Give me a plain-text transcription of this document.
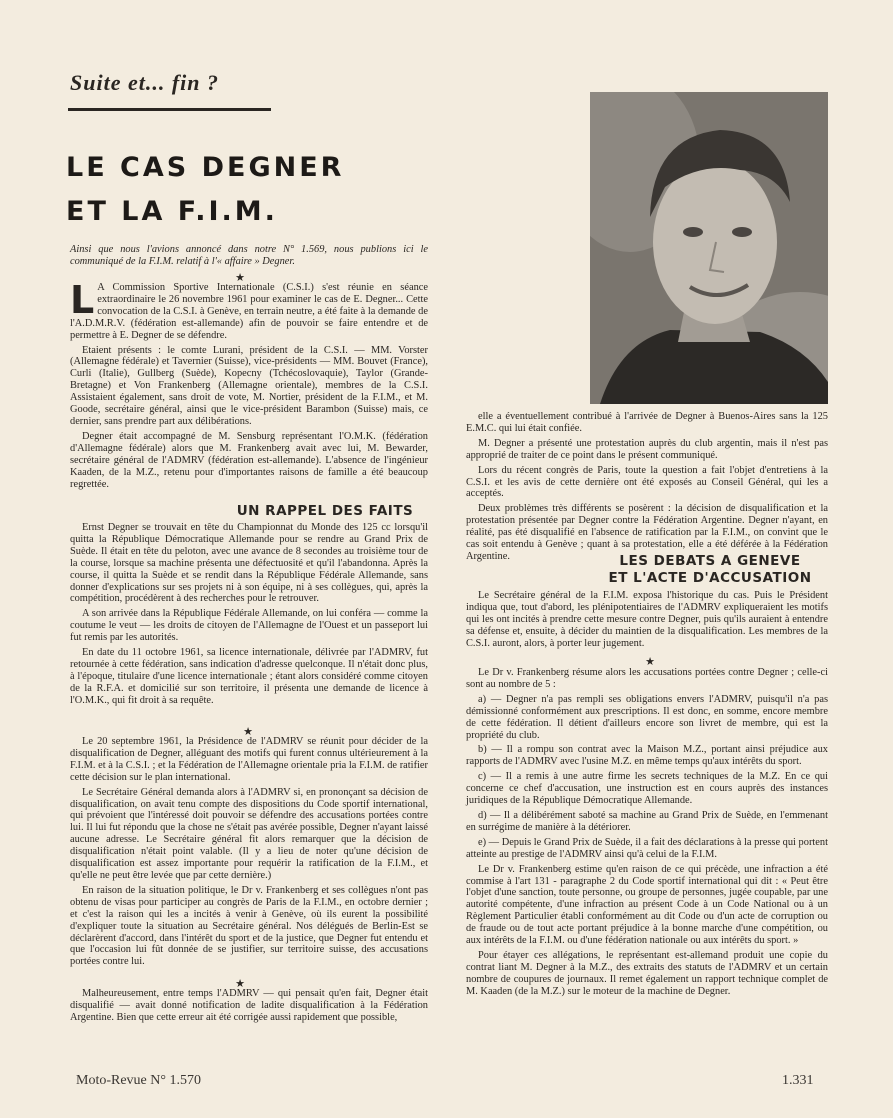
Suite et... fin ?
LE CAS DEGNER
ET LA F.I.M.
Ainsi que nous l'avions annoncé dans notre N° 1.569, nous publions ici le communiqué de la F.I.M. relatif à l'« affaire » Degner.
★

L A Commission Sportive Internationale (C.S.I.) s'est réunie en séance extraordinaire le 26 novembre 1961 pour examiner le cas de E. Degner... Cette convocation de la C.S.I. à Genève, en terrain neutre, a été faite à la demande de l'A.D.M.R.V. (fédération est-allemande) afin de pouvoir se faire entendre et de permettre à E. Degner de se défendre.

Etaient présents : le comte Lurani, président de la C.S.I. — MM. Vorster (Allemagne fédérale) et Tavernier (Suisse), vice-présidents — MM. Bouvet (France), Curli (Italie), Gullberg (Suède), Kopecny (Tchécoslovaquie), Taylor (Grande-Bretagne) et Von Frankenberg (Allemagne orientale), membres de la C.S.I. Assistaient également, sans droit de vote, M. Nortier, président de la F.I.M., et M. Goode, secrétaire général, ainsi que le vice-président Barambon (Suisse) mais, ce dernier, sans prendre part aux délibérations.

Degner était accompagné de M. Sensburg représentant l'O.M.K. (fédération d'Allemagne fédérale) alors que M. Frankenberg avait avec lui, M. Bewarder, secrétaire général de l'ADMRV (fédération est-allemande). L'absence de l'ingénieur Kaaden, de la M.Z., retenu pour d'importantes raisons de famille a été beaucoup regrettée.

UN RAPPEL DES FAITS

Ernst Degner se trouvait en tête du Championnat du Monde des 125 cc lorsqu'il quitta la République Démocratique Allemande pour se rendre au Grand Prix de Suède. Il était en tête du peloton, avec une avance de 8 secondes au troisième tour de la course, lorsque sa machine présenta une défectuosité et qu'il l'abandonna. Après la course, il quitta la Suède et se rendit dans la République Fédérale Allemande, sans donner d'explications sur ses projets ni à son équipe, ni à ses collègues, qui, après la compétition, procédèrent à des recherches pour le retrouver.

A son arrivée dans la République Fédérale Allemande, on lui conféra — comme la coutume le veut — les droits de citoyen de l'Allemagne de l'Ouest et un passeport lui fut remis par les autorités.

En date du 11 octobre 1961, sa licence internationale, délivrée par l'ADMRV, fut retournée à cette fédération, sans indication d'adresse quelconque. Il n'était donc plus, à l'époque, titulaire d'une licence internationale ; étant alors considéré comme citoyen de la R.F.A. et domicilié sur son territoire, il présenta une demande de licence à l'O.M.K., qui fit droit à sa requête.

★

Le 20 septembre 1961, la Présidence de l'ADMRV se réunit pour décider de la disqualification de Degner, alléguant des motifs qui furent connus ultérieurement à la F.I.M. et à la C.S.I. ; et la Fédération de l'Allemagne orientale pria la F.I.M. de ratifier cette décision sur le plan international.

Le Secrétaire Général demanda alors à l'ADMRV si, en prononçant sa décision de disqualification, on avait tenu compte des dispositions du Code sportif international, qui prévoient que l'intéressé doit pouvoir se défendre des accusations portées contre lui. Il lui fut répondu que la chose ne s'était pas avérée possible, Degner n'ayant laissé aucune adresse. Le Secrétaire général fit alors remarquer que la décision de disqualification n'était point valable. (Il y a lieu de noter qu'une décision de disqualification est assez importante pour requérir la ratification de la F.I.M., et qu'elle ne peut être levée que par cette dernière.)

En raison de la situation politique, le Dr v. Frankenberg et ses collègues n'ont pas obtenu de visas pour participer au congrès de Paris de la F.I.M., en octobre dernier ; et c'est la raison qui les a incités à venir à Genève, où ils eurent la possibilité d'expliquer toute la situation au Secrétaire général. Nos délégués de Berlin-Est se déclarèrent d'accord, dans l'intérêt du sport et de la justice, que Degner fut entendu et que l'occasion lui fût donnée de se justifier, sur territoire suisse, des accusations portées contre lui.

★

Malheureusement, entre temps l'ADMRV — qui pensait qu'en fait, Degner était disqualifié — avait donné notification de ladite disqualification à la Fédération Argentine. Bien que cette erreur ait été corrigée aussi rapidement que possible,

elle a éventuellement contribué à l'arrivée de Degner à Buenos-Aires sans la 125 E.M.C. qui lui était confiée.

M. Degner a présenté une protestation auprès du club argentin, mais il n'est pas approprié de traiter de ce point dans le présent communiqué.

Lors du récent congrès de Paris, toute la question a fait l'objet d'entretiens à la C.S.I. et les avis de cette dernière ont été exposés au Conseil Général, qui les a acceptés.

Deux problèmes très différents se posèrent : la décision de disqualification et la protestation présentée par Degner contre la Fédération Argentine. Degner n'ayant, en réalité, pas été disqualifié en l'absence de ratification par la F.I.M., on convint que le cas soit entendu à Genève ; quant à sa protestation, elle a été déférée à la Fédération Argentine.	LES DEBATS A GENEVE
ET L'ACTE D'ACCUSATION

Le Secrétaire général de la F.I.M. exposa l'historique du cas. Puis le Président indiqua que, tout d'abord, les plénipotentiaires de l'ADMRV expliqueraient les motifs qui les ont incités à prendre cette mesure contre Degner, puis qu'ils auraient à entendre sa défense et, ensuite, à décider du maintien de la disqualification. Les membres de la C.S.I. auront, alors, à porter leur jugement.

★

Le Dr v. Frankenberg résume alors les accusations portées contre Degner ; celle-ci sont au nombre de 5 :

a) — Degner n'a pas rempli ses obligations envers l'ADMRV, puisqu'il n'a pas démissionné conformément aux prescriptions. Il est donc, en somme, encore membre de cette fédération. Il détient d'ailleurs encore son livret de membre, qui est la propriété du club.

b) — Il a rompu son contrat avec la Maison M.Z., portant ainsi préjudice aux rapports de l'ADMRV avec l'usine M.Z. en même temps qu'aux intérêts du sport.

c) — Il a remis à une autre firme les secrets techniques de la M.Z. En ce qui concerne ce chef d'accusation, une instruction est en cours auprès des instances juridiques de la République Démocratique Allemande.

d) — Il a délibérément saboté sa machine au Grand Prix de Suède, en l'emmenant en surrégime de manière à la détériorer.

e) — Depuis le Grand Prix de Suède, il a fait des déclarations à la presse qui portent atteinte au prestige de l'ADMRV ainsi qu'à celui de la F.I.M.

Le Dr v. Frankenberg estime qu'en raison de ce qui précède, une infraction a été commise à l'art 131 - paragraphe 2 du Code sportif international qui dit : « Peut être l'objet d'une sanction, toute personne, ou groupe de personnes, jugée coupable, par une autorité compétente, d'une infraction au présent Code à un Code National ou à un Règlement Particulier établi conformément au dit Code ou d'un acte de corruption ou de fraude ou de tout acte portant préjudice à la bonne marche d'une compétition, ou aux intérêts de la F.I.M. ou d'une fédération nationale ou aux intérêts du sport. »

Pour étayer ces allégations, le représentant est-allemand produit une copie du contrat liant M. Degner à la M.Z., des extraits des statuts de l'ADMRV et un certain nombre de coupures de journaux. Il remet également un rapport technique complet de M. Kaaden (de la M.Z.) sur le moteur de la machine de Degner.

Moto-Revue N° 1.570	1.331
